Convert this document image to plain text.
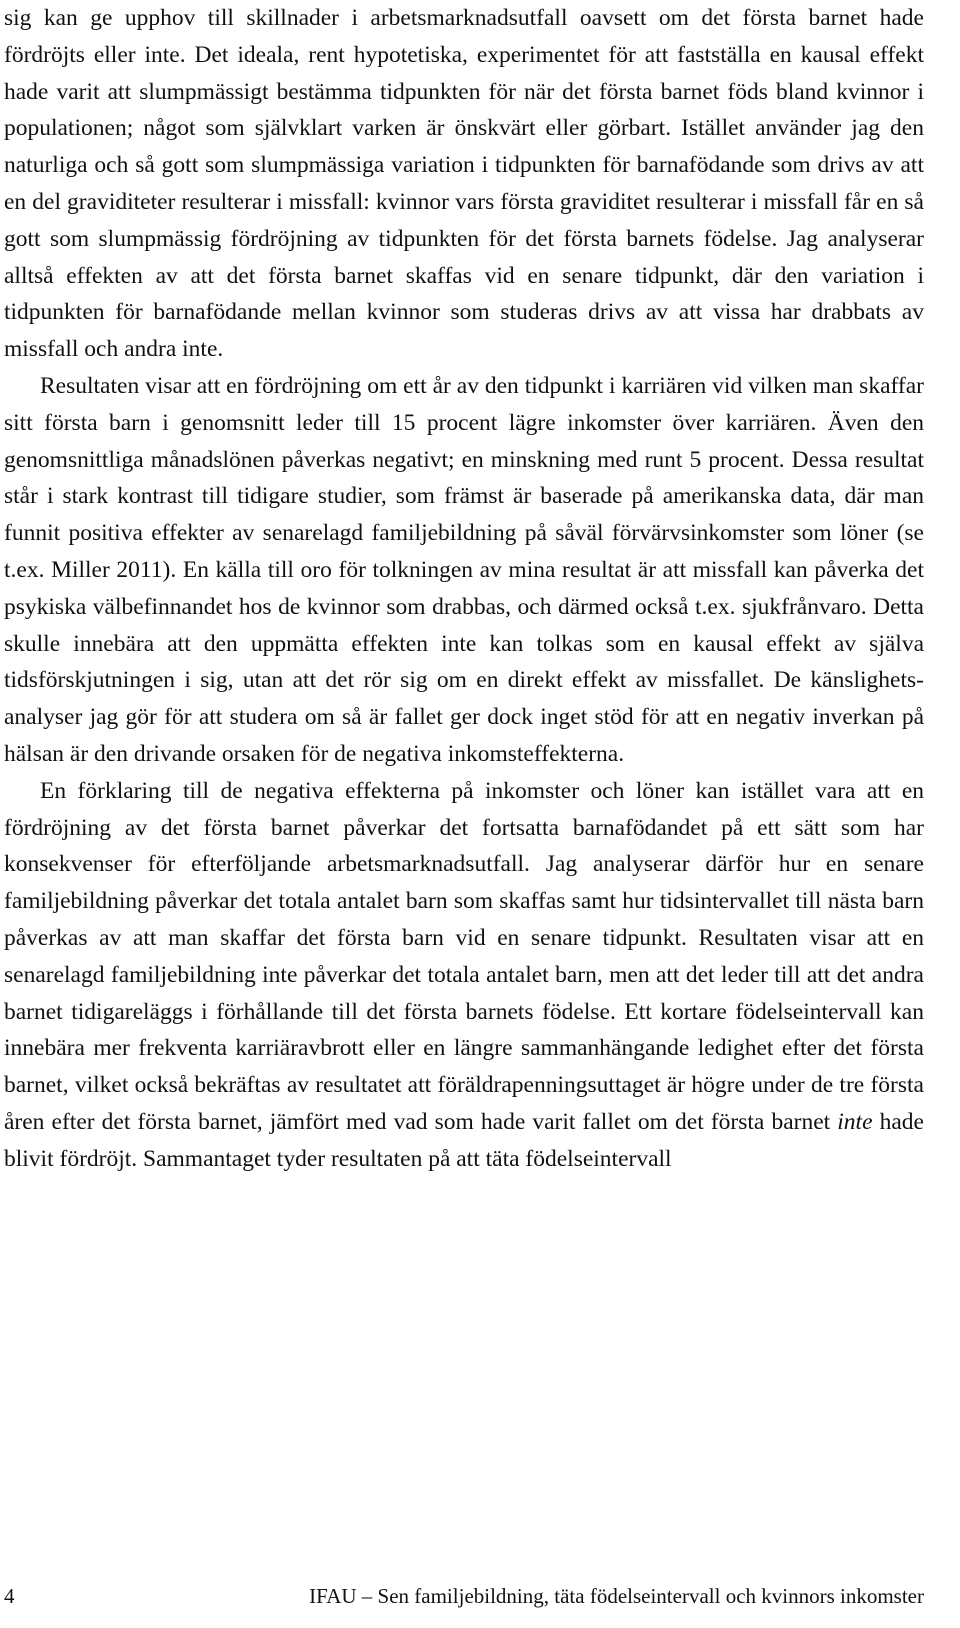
sig kan ge upphov till skillnader i arbetsmarknadsutfall oavsett om det första barnet hade fördröjts eller inte. Det ideala, rent hypotetiska, experimentet för att fastställa en kausal effekt hade varit att slumpmässigt bestämma tidpunkten för när det första barnet föds bland kvinnor i populationen; något som självklart varken är önskvärt eller görbart. Istället använder jag den naturliga och så gott som slumpmässiga variation i tidpunkten för barnafödande som drivs av att en del graviditeter resulterar i missfall: kvinnor vars första graviditet resulterar i missfall får en så gott som slumpmässig fördröjning av tidpunkten för det första barnets födelse. Jag analyserar alltså effekten av att det första barnet skaffas vid en senare tidpunkt, där den variation i tidpunkten för barnafödande mellan kvinnor som studeras drivs av att vissa har drabbats av missfall och andra inte.

Resultaten visar att en fördröjning om ett år av den tidpunkt i karriären vid vilken man skaffar sitt första barn i genomsnitt leder till 15 procent lägre inkomster över karriären. Även den genomsnittliga månadslönen påverkas negativt; en minskning med runt 5 procent. Dessa resultat står i stark kontrast till tidigare studier, som främst är baserade på amerikanska data, där man funnit positiva effekter av senarelagd familjebildning på såväl förvärvsinkomster som löner (se t.ex. Miller 2011). En källa till oro för tolkningen av mina resultat är att missfall kan påverka det psykiska välbefinnandet hos de kvinnor som drabbas, och därmed också t.ex. sjukfrånvaro. Detta skulle innebära att den uppmätta effekten inte kan tolkas som en kausal effekt av själva tidsförskjutningen i sig, utan att det rör sig om en direkt effekt av missfallet. De känslighetsanalyser jag gör för att studera om så är fallet ger dock inget stöd för att en negativ inverkan på hälsan är den drivande orsaken för de negativa inkomsteffekterna.

En förklaring till de negativa effekterna på inkomster och löner kan istället vara att en fördröjning av det första barnet påverkar det fortsatta barnafödandet på ett sätt som har konsekvenser för efterföljande arbetsmarknadsutfall. Jag analyserar därför hur en senare familjebildning påverkar det totala antalet barn som skaffas samt hur tidsintervallet till nästa barn påverkas av att man skaffar det första barn vid en senare tidpunkt. Resultaten visar att en senarelagd familjebildning inte påverkar det totala antalet barn, men att det leder till att det andra barnet tidigareläggs i förhållande till det första barnets födelse. Ett kortare födelseintervall kan innebära mer frekventa karriäravbrott eller en längre sammanhängande ledighet efter det första barnet, vilket också bekräftas av resultatet att föräldrapenningsuttaget är högre under de tre första åren efter det första barnet, jämfört med vad som hade varit fallet om det första barnet inte hade blivit fördröjt. Sammantaget tyder resultaten på att täta födelseintervall

4	IFAU – Sen familjebildning, täta födelseintervall och kvinnors inkomster
